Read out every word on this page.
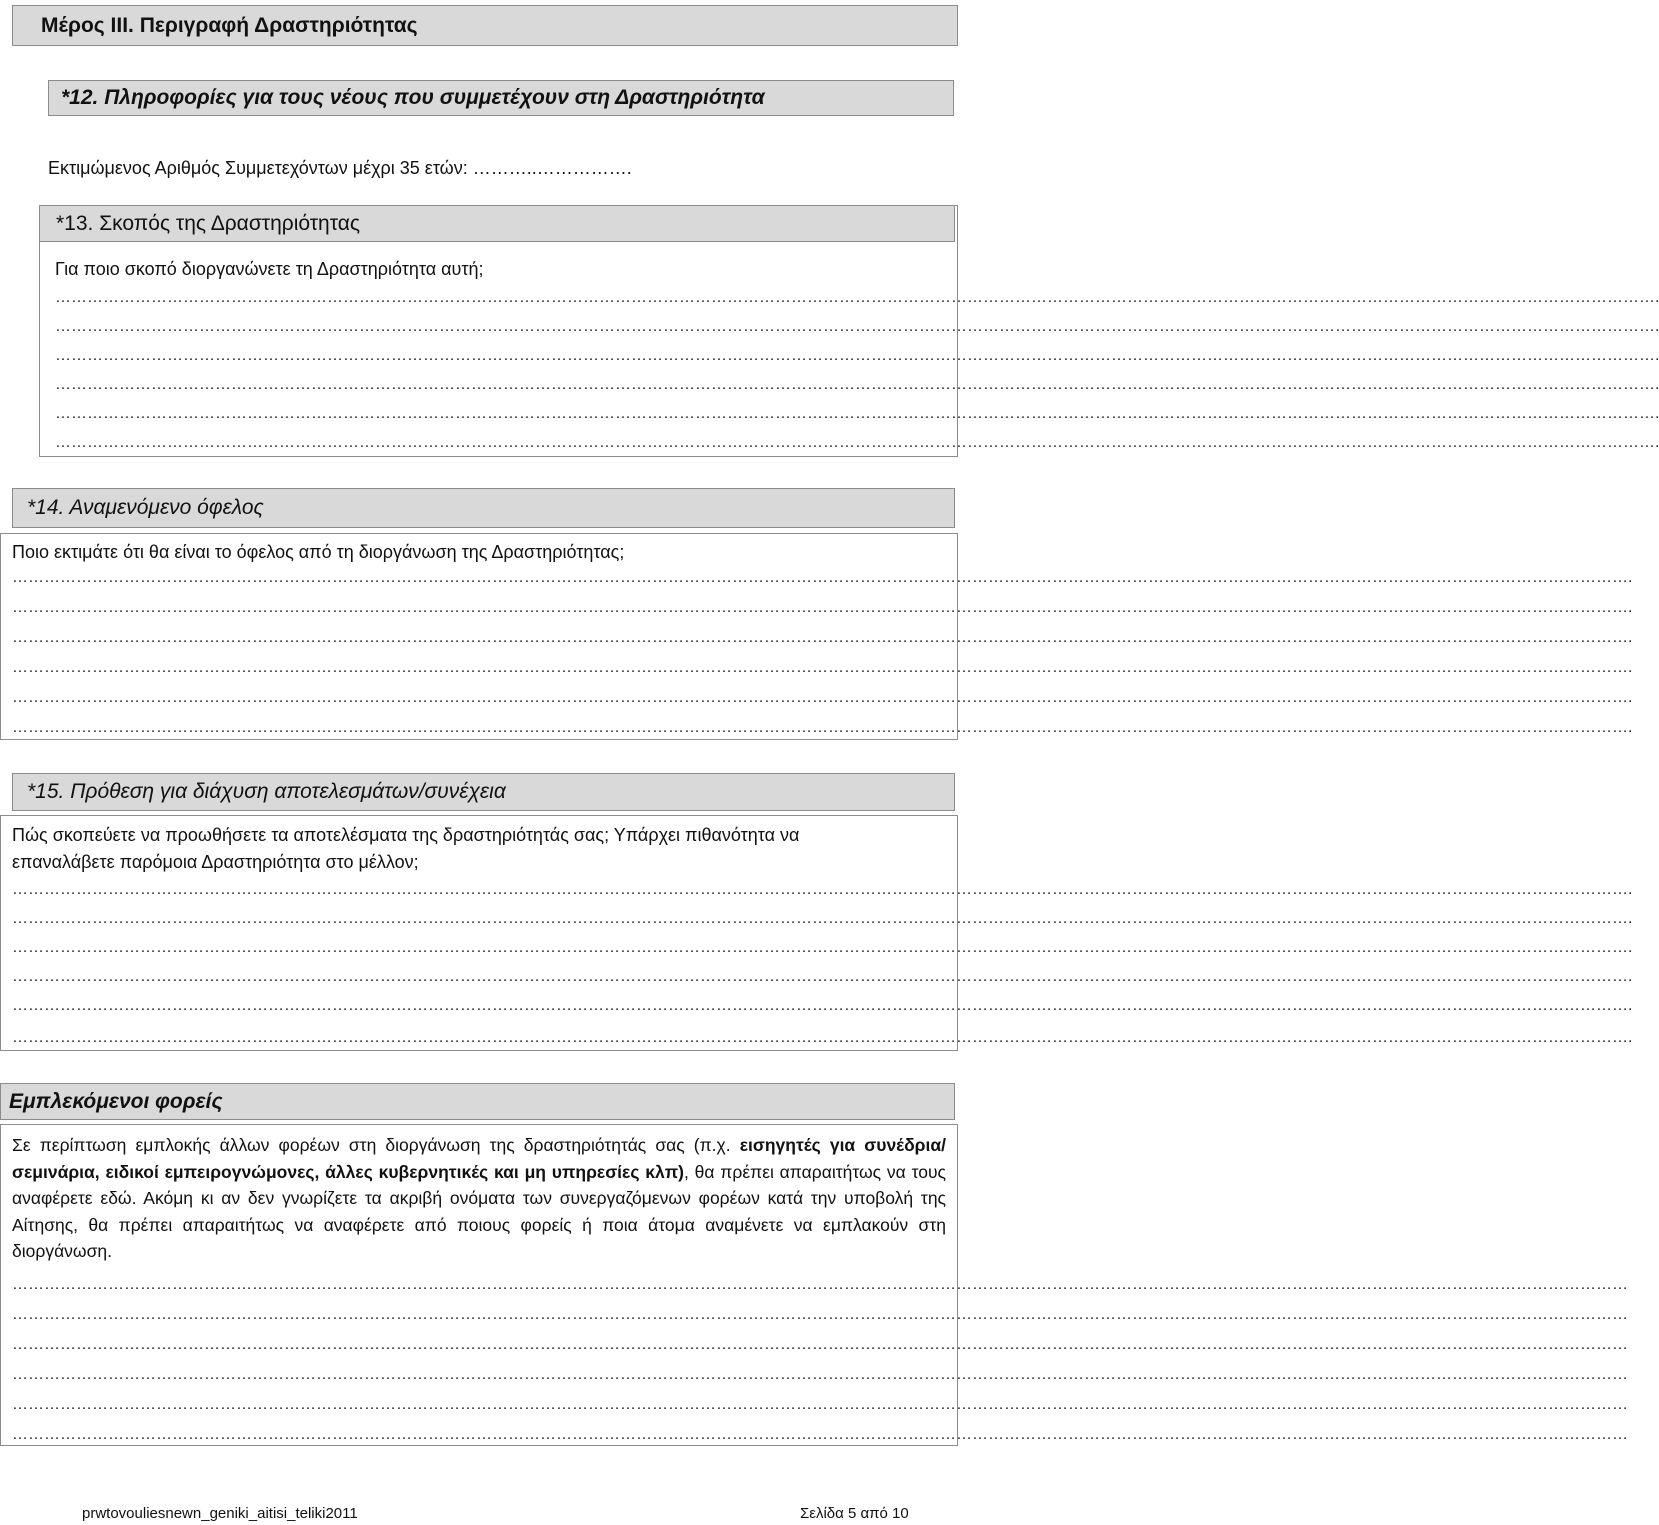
Μέρος ΙΙΙ. Περιγραφή Δραστηριότητας
*12. Πληροφορίες για τους νέους που συμμετέχουν στη Δραστηριότητα
Εκτιμώμενος Αριθμός Συμμετεχόντων μέχρι 35 ετών: ………..…………….
*13. Σκοπός της Δραστηριότητας
Για ποιο σκοπό διοργανώνετε τη Δραστηριότητα αυτή;
………………………………………………………………………………………………………………………………………………………………………………………………………………………………………………………………………….
………………………………………………………………………………………………………………………………………………………………………………………………………………………………………………………………………….
………………………………………………………………………………………………………………………………………………………………………………………………………………………………………………………………………….
………………………………………………………………………………………………………………………………………………………………………………………………………………………………………………………………………….
………………………………………………………………………………………………………………………………………………………………………………………………………………………………………………………………………….
………………………………………………………………………………………………………………………………………………………………………………………………………………………………………………………………………….
*14. Αναμενόμενο όφελος
Ποιο εκτιμάτε ότι θα είναι το όφελος από τη διοργάνωση της Δραστηριότητας;
…………………………………………………………………………………………………………………………………………………………………………………………………………………………………………………………………………….
…………………………………………………………………………………………………………………………………………………………………………………………………………………………………………………………………………….
…………………………………………………………………………………………………………………………………………………………………………………………………………………………………………………………………………….
…………………………………………………………………………………………………………………………………………………………………………………………………………………………………………………………………………….
…………………………………………………………………………………………………………………………………………………………………………………………………………………………………………………………………………….
…………………………………………………………………………………………………………………………………………………………………………………………………………………………………………………………………………….
*15. Πρόθεση για διάχυση αποτελεσμάτων/συνέχεια
Πώς σκοπεύετε να προωθήσετε τα αποτελέσματα της δραστηριότητάς σας; Υπάρχει πιθανότητα να
επαναλάβετε παρόμοια Δραστηριότητα στο μέλλον;
…………………………………………………………………………………………………………………………………………………………………………………………………………………………………………………………………………….
…………………………………………………………………………………………………………………………………………………………………………………………………………………………………………………………………………….
…………………………………………………………………………………………………………………………………………………………………………………………………………………………………………………………………………….
…………………………………………………………………………………………………………………………………………………………………………………………………………………………………………………………………………….
…………………………………………………………………………………………………………………………………………………………………………………………………………………………………………………………………………….
…………………………………………………………………………………………………………………………………………………………………………………………………………………………………………………………………………….
Εμπλεκόμενοι φορείς
Σε περίπτωση εμπλοκής άλλων φορέων στη διοργάνωση της δραστηριότητάς σας (π.χ. εισηγητές για συνέδρια/σεμινάρια, ειδικοί εμπειρογνώμονες, άλλες κυβερνητικές και μη υπηρεσίες κλπ), θα πρέπει απαραιτήτως να τους αναφέρετε εδώ. Ακόμη κι αν δεν γνωρίζετε τα ακριβή ονόματα των συνεργαζόμενων φορέων κατά την υποβολή της Αίτησης, θα πρέπει απαραιτήτως να αναφέρετε από ποιους φορείς ή ποια άτομα αναμένετε να εμπλακούν στη διοργάνωση.
……………………………………………………………………………………………………………………………………………………………………………………………………………………………………………………………………………
……………………………………………………………………………………………………………………………………………………………………………………………………………………………………………………………………………
……………………………………………………………………………………………………………………………………………………………………………………………………………………………………………………………………………
……………………………………………………………………………………………………………………………………………………………………………………………………………………………………………………………………………
……………………………………………………………………………………………………………………………………………………………………………………………………………………………………………………………………………
……………………………………………………………………………………………………………………………………………………………………………………………………………………………………………………………………………
prwtovouliesnewn_geniki_aitisi_teliki2011	Σελίδα 5 από 10
